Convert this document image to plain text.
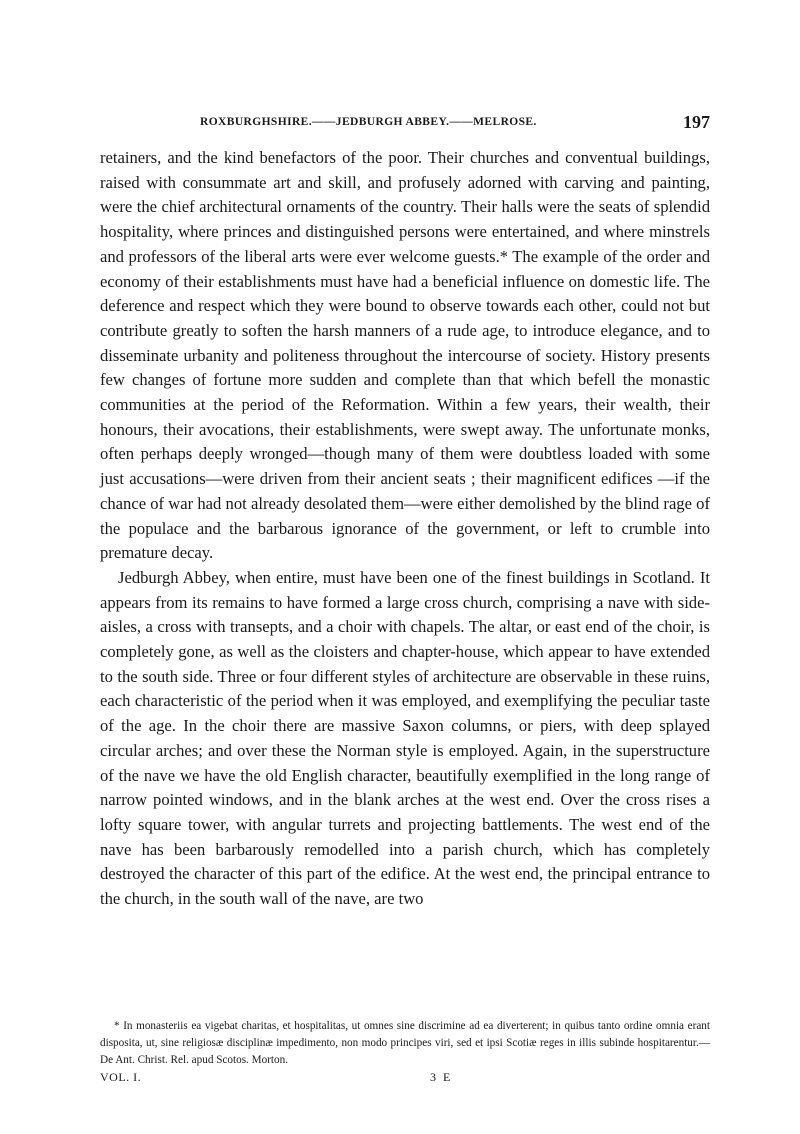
ROXBURGHSHIRE.——JEDBURGH ABBEY.——MELROSE.	197

retainers, and the kind benefactors of the poor. Their churches and conventual buildings, raised with consummate art and skill, and profusely adorned with carving and painting, were the chief architectural ornaments of the country. Their halls were the seats of splendid hospitality, where princes and distinguished persons were entertained, and where minstrels and professors of the liberal arts were ever welcome guests.* The example of the order and economy of their establishments must have had a beneficial influence on domestic life. The deference and respect which they were bound to observe towards each other, could not but contribute greatly to soften the harsh manners of a rude age, to introduce elegance, and to disseminate urbanity and politeness throughout the intercourse of society. History presents few changes of fortune more sudden and complete than that which befell the monastic communities at the period of the Reformation. Within a few years, their wealth, their honours, their avocations, their establishments, were swept away. The unfortunate monks, often perhaps deeply wronged—though many of them were doubtless loaded with some just accusations—were driven from their ancient seats ; their magnificent edifices —if the chance of war had not already desolated them—were either demolished by the blind rage of the populace and the barbarous ignorance of the government, or left to crumble into premature decay.

Jedburgh Abbey, when entire, must have been one of the finest buildings in Scotland. It appears from its remains to have formed a large cross church, comprising a nave with side-aisles, a cross with transepts, and a choir with chapels. The altar, or east end of the choir, is completely gone, as well as the cloisters and chapter-house, which appear to have extended to the south side. Three or four different styles of architecture are observable in these ruins, each characteristic of the period when it was employed, and exemplifying the peculiar taste of the age. In the choir there are massive Saxon columns, or piers, with deep splayed circular arches; and over these the Norman style is employed. Again, in the superstructure of the nave we have the old English character, beautifully exemplified in the long range of narrow pointed windows, and in the blank arches at the west end. Over the cross rises a lofty square tower, with angular turrets and projecting battlements. The west end of the nave has been barbarously remodelled into a parish church, which has completely destroyed the character of this part of the edifice. At the west end, the principal entrance to the church, in the south wall of the nave, are two

* In monasteriis ea vigebat charitas, et hospitalitas, ut omnes sine discrimine ad ea diverterent; in quibus tanto ordine omnia erant disposita, ut, sine religiosæ disciplinæ impedimento, non modo principes viri, sed et ipsi Scotiæ reges in illis subinde hospitarentur.—De Ant. Christ. Rel. apud Scotos. Morton.

VOL. I.	3 E
